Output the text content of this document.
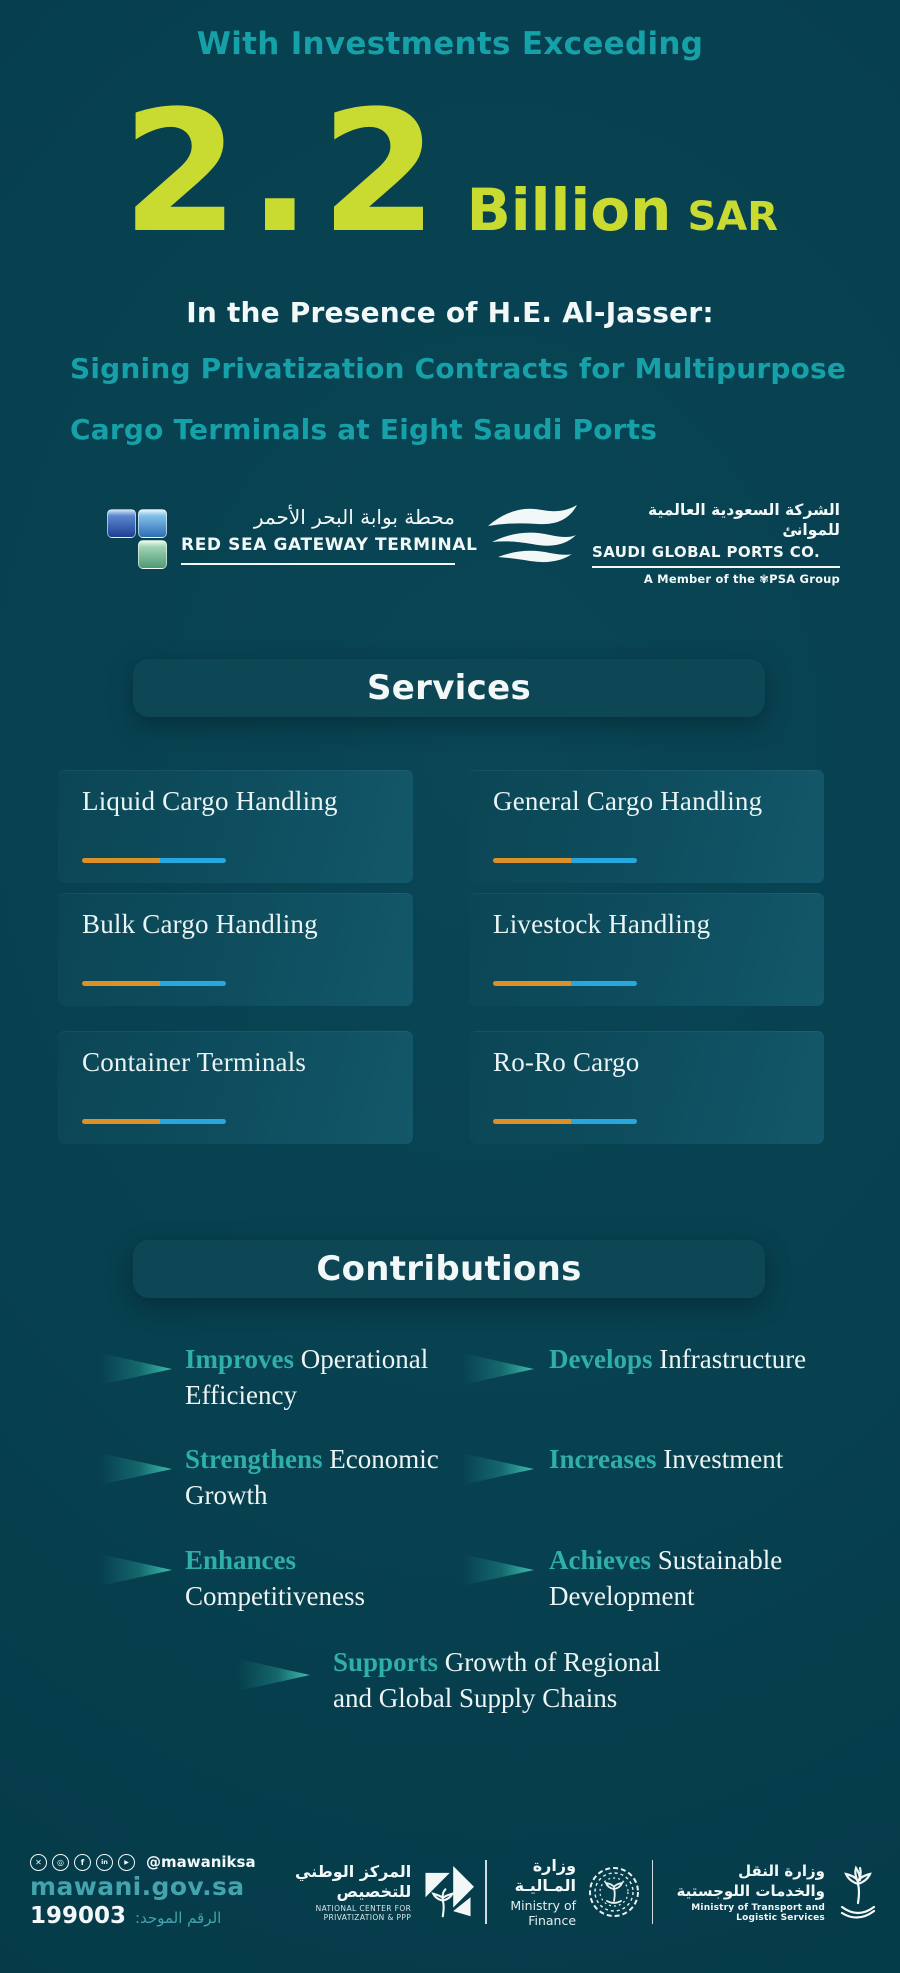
With Investments Exceeding
2.2 Billion SAR
In the Presence of H.E. Al-Jasser:
Signing Privatization Contracts for Multipurpose
Cargo Terminals at Eight Saudi Ports
محطة بوابة البحر الأحمر
RED SEA GATEWAY TERMINAL
الشركة السعودية العالمية للموانئ
SAUDI GLOBAL PORTS CO.
A Member of the ✾PSA Group
Services
Liquid Cargo Handling	General Cargo Handling
Bulk Cargo Handling	Livestock Handling
Container Terminals	Ro-Ro Cargo
Contributions
Improves Operational Efficiency
Develops Infrastructure
Strengthens Economic Growth
Increases Investment
Enhances Competitiveness
Achieves Sustainable Development
Supports Growth of Regional and Global Supply Chains
✕	◎	f	in	▶	@mawaniksa
mawani.gov.sa
199003 الرقم الموحد:
المركز الوطني للتخصيص
NATIONAL CENTER FOR PRIVATIZATION & PPP
وزارة المـاليـة
Ministry of Finance
وزارة النقل والخدمات اللوجستية
Ministry of Transport and Logistic Services
